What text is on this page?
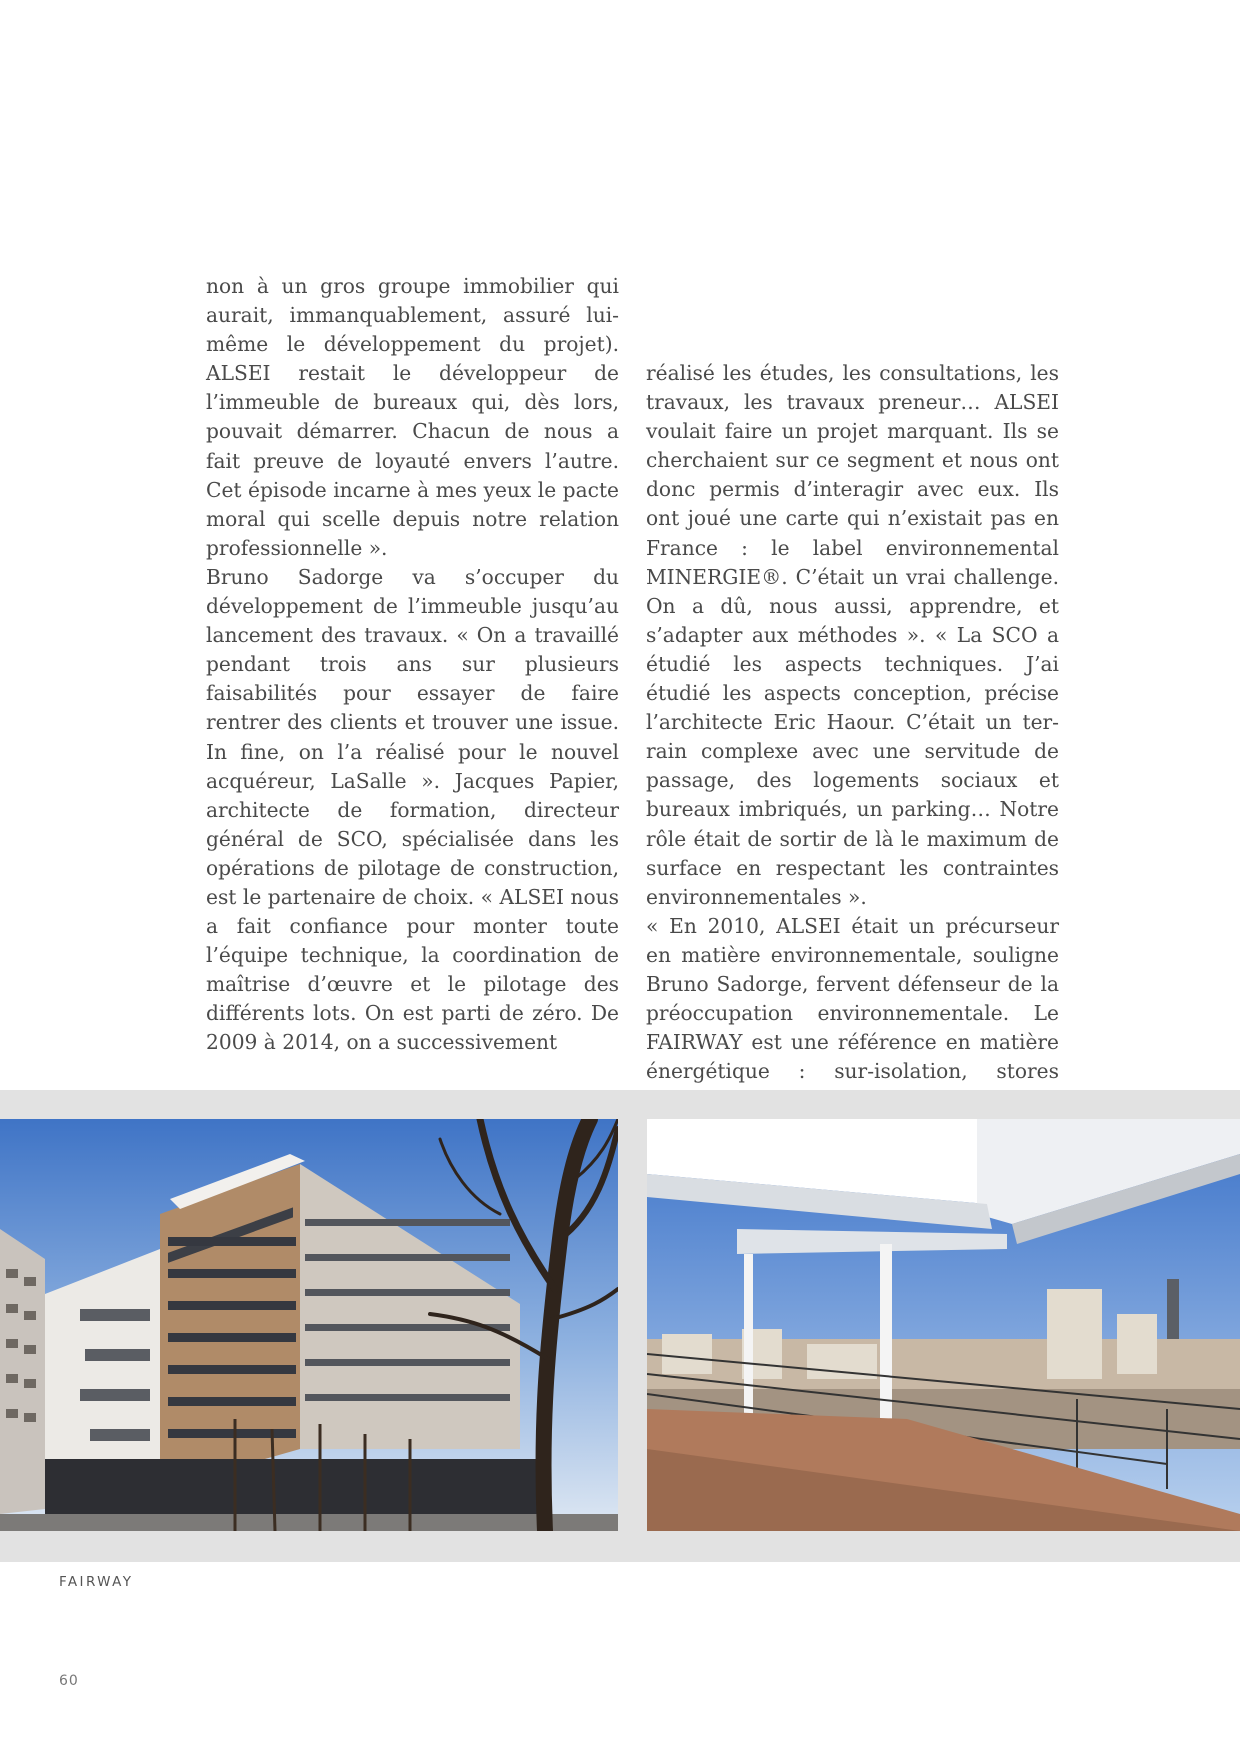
non à un gros groupe immobilier qui aurait, immanquablement, assuré lui-même le développement du projet). ALSEI restait le développeur de l’immeuble de bureaux qui, dès lors, pouvait démarrer. Chacun de nous a fait preuve de loyauté envers l’autre. Cet épisode incarne à mes yeux le pacte moral qui scelle depuis notre relation professionnelle ».

Bruno Sadorge va s’occuper du développement de l’immeuble jusqu’au lancement des travaux. « On a travaillé pendant trois ans sur plusieurs faisabilités pour essayer de faire rentrer des clients et trouver une issue. In fine, on l’a réalisé pour le nouvel acquéreur, LaSalle ». Jacques Papier, architecte de formation, directeur général de SCO, spécialisée dans les opérations de pilotage de construction, est le partenaire de choix. « ALSEI nous a fait confiance pour monter toute l’équipe technique, la coordination de maîtrise d’œuvre et le pilotage des différents lots. On est parti de zéro. De 2009 à 2014, on a successivement

réalisé les études, les consultations, les travaux, les travaux preneur… ALSEI voulait faire un projet marquant. Ils se cherchaient sur ce segment et nous ont donc permis d’interagir avec eux. Ils ont joué une carte qui n’existait pas en France : le label environnemental MINERGIE®. C’était un vrai challenge. On a dû, nous aussi, apprendre, et s’adapter aux méthodes ». « La SCO a étudié les aspects techniques. J’ai étudié les aspects conception, précise l’architecte Eric Haour. C’était un terrain complexe avec une servitude de passage, des logements sociaux et bureaux imbriqués, un parking… Notre rôle était de sortir de là le maximum de surface en respectant les contraintes environnementales ».

« En 2010, ALSEI était un précurseur en matière environnementale, souligne Bruno Sadorge, fervent défenseur de la préoccupation environnementale. Le FAIRWAY est une référence en matière énergétique : sur-isolation, stores

FAIRWAY
60
